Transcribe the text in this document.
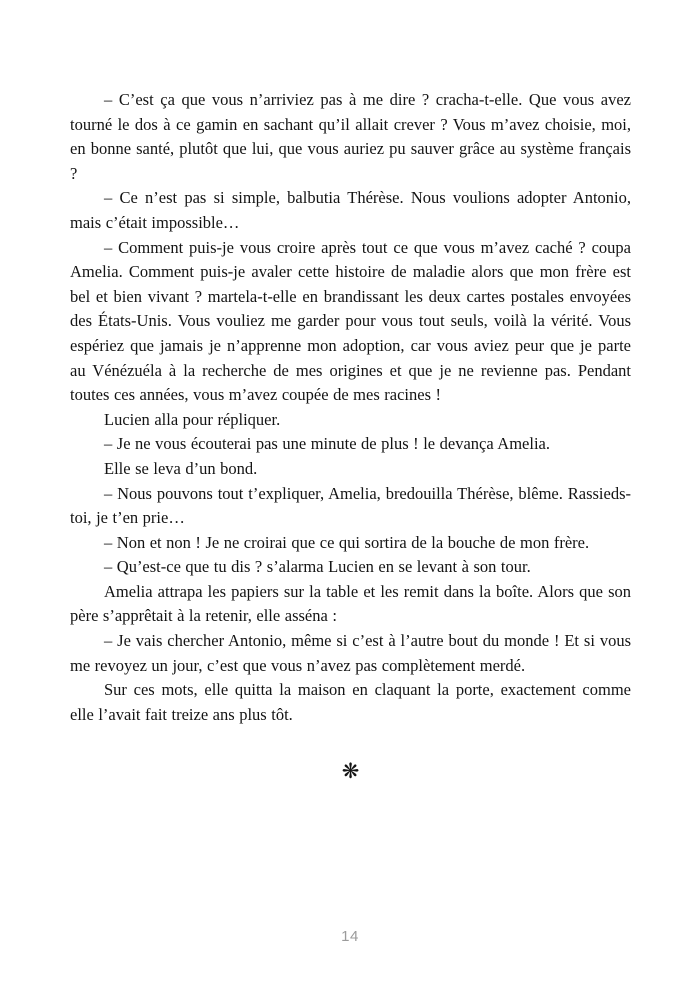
– C’est ça que vous n’arriviez pas à me dire ? cracha-t-elle. Que vous avez tourné le dos à ce gamin en sachant qu’il allait crever ? Vous m’avez choisie, moi, en bonne santé, plutôt que lui, que vous auriez pu sauver grâce au système français ?

– Ce n’est pas si simple, balbutia Thérèse. Nous voulions adopter Antonio, mais c’était impossible…

– Comment puis-je vous croire après tout ce que vous m’avez caché ? coupa Amelia. Comment puis-je avaler cette histoire de maladie alors que mon frère est bel et bien vivant ? martela-t-elle en brandissant les deux cartes postales envoyées des États-Unis. Vous vouliez me garder pour vous tout seuls, voilà la vérité. Vous espériez que jamais je n’apprenne mon adoption, car vous aviez peur que je parte au Vénézuéla à la recherche de mes origines et que je ne revienne pas. Pendant toutes ces années, vous m’avez coupée de mes racines !

Lucien alla pour répliquer.

– Je ne vous écouterai pas une minute de plus ! le devança Amelia.

Elle se leva d’un bond.

– Nous pouvons tout t’expliquer, Amelia, bredouilla Thérèse, blême. Rassieds-toi, je t’en prie…

– Non et non ! Je ne croirai que ce qui sortira de la bouche de mon frère.

– Qu’est-ce que tu dis ? s’alarma Lucien en se levant à son tour.

Amelia attrapa les papiers sur la table et les remit dans la boîte. Alors que son père s’apprêtait à la retenir, elle asséna :

– Je vais chercher Antonio, même si c’est à l’autre bout du monde ! Et si vous me revoyez un jour, c’est que vous n’avez pas complètement merdé.

Sur ces mots, elle quitta la maison en claquant la porte, exactement comme elle l’avait fait treize ans plus tôt.

❋
14
